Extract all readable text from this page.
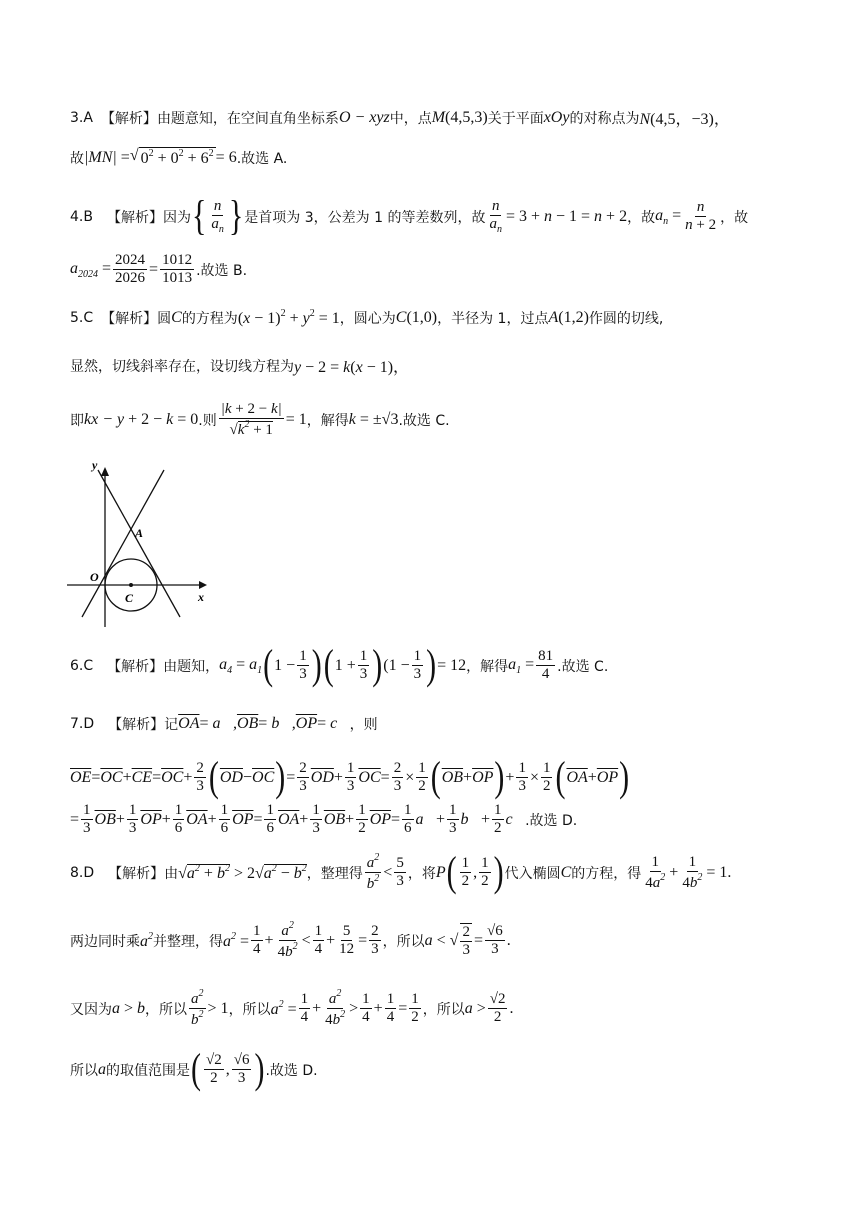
3.A 【解析】 由题意知，在空间直角坐标系 O − xyz 中，点 M(4,5,3) 关于平面 xOy 的对称点为 N(4,5，−3)，
故 |MN| = √ $0^2 + 0^2 + 6^2 = 6$ .故选 A.
4.B 【解析】 因为 { $\frac{n}{a_n}$ } 是首项为 3，公差为 1 的等差数列，故 $\frac{n}{a_n} = 3 + n - 1 = n + 2$ ，故 $a_n = \frac{n}{n + 2}$ ，故
$a_{2024} = \frac{2024}{2026} = \frac{1012}{1013}$ .故选 B.
5.C 【解析】 圆 C 的方程为 $(x - 1)^2 + y^2 = 1$ ，圆心为 C(1,0) ，半径为 1，过点 A(1,2) 作圆的切线,
显然，切线斜率存在，设切线方程为 y − 2 = k(x − 1)，
即 kx − y + 2 − k = 0 .则 $\frac{|k + 2 - k|}{√k^2 + 1} = 1$ ，解得 k = ±√3 .故选 C.
y
x
O
A
C
6.C 【解析】 由题知， $a_4 = a_1$ ( $1 - \frac{1}{3}$ ) ( $1 + \frac{1}{3}$ ) ($1 - \frac{1}{3}$ ) = 12 ，解得 $a_1 = \frac{81}{4}$ .故选 C.
7.D 【解析】 记 $\overline{OA}$ = a⃗, $\overline{OB}$ = b⃗, $\overline{OP}$ = c⃗ ，则
$\overline{OE} = \overline{OC} + \overline{CE} = \overline{OC} + \frac{2}{3}$ ( $\overline{OD} - \overline{OC}$ ) = $\frac{2}{3} \overline{OD} + \frac{1}{3} \overline{OC} = \frac{2}{3} \times \frac{1}{2}$ ( $\overline{OB} + \overline{OP}$ ) + $\frac{1}{3} \times \frac{1}{2}$ ( $\overline{OA} + \overline{OP}$ )
= $\frac{1}{3} \overline{OB} + \frac{1}{3} \overline{OP} + \frac{1}{6} \overline{OA} + \frac{1}{6} \overline{OP} = \frac{1}{6} \overline{OA} + \frac{1}{3} \overline{OB} + \frac{1}{2} \overline{OP} = \frac{1}{6}$ a⃗ + $\frac{1}{3}$ b⃗ + $\frac{1}{2}$ c⃗ .故选 D.
8.D 【解析】 由 $√a^2 + b^2 > 2√a^2 - b^2$ ，整理得 $\frac{a^2}{b^2} < \frac{5}{3}$ ，将 P ( $\frac{1}{2}$ , $\frac{1}{2}$ ) 代入椭圆 C 的方程，得 $\frac{1}{4a^2} + \frac{1}{4b^2} = 1$.
两边同时乘 $a^2$ 并整理，得 $a^2 = \frac{1}{4} + \frac{a^2}{4b^2} < \frac{1}{4} + \frac{5}{12} = \frac{2}{3}$ ，所以 a < √ $\frac{2}{3} = \frac{√6}{3}$ .
又因为 a > b ，所以 $\frac{a^2}{b^2} > 1$ ，所以 $a^2 = \frac{1}{4} + \frac{a^2}{4b^2} > \frac{1}{4} + \frac{1}{4} = \frac{1}{2}$ ，所以 $a > \frac{√2}{2}$ .
所以 a 的取值范围是 ( $\frac{√2}{2}$ , $\frac{√6}{3}$ ) .故选 D.
